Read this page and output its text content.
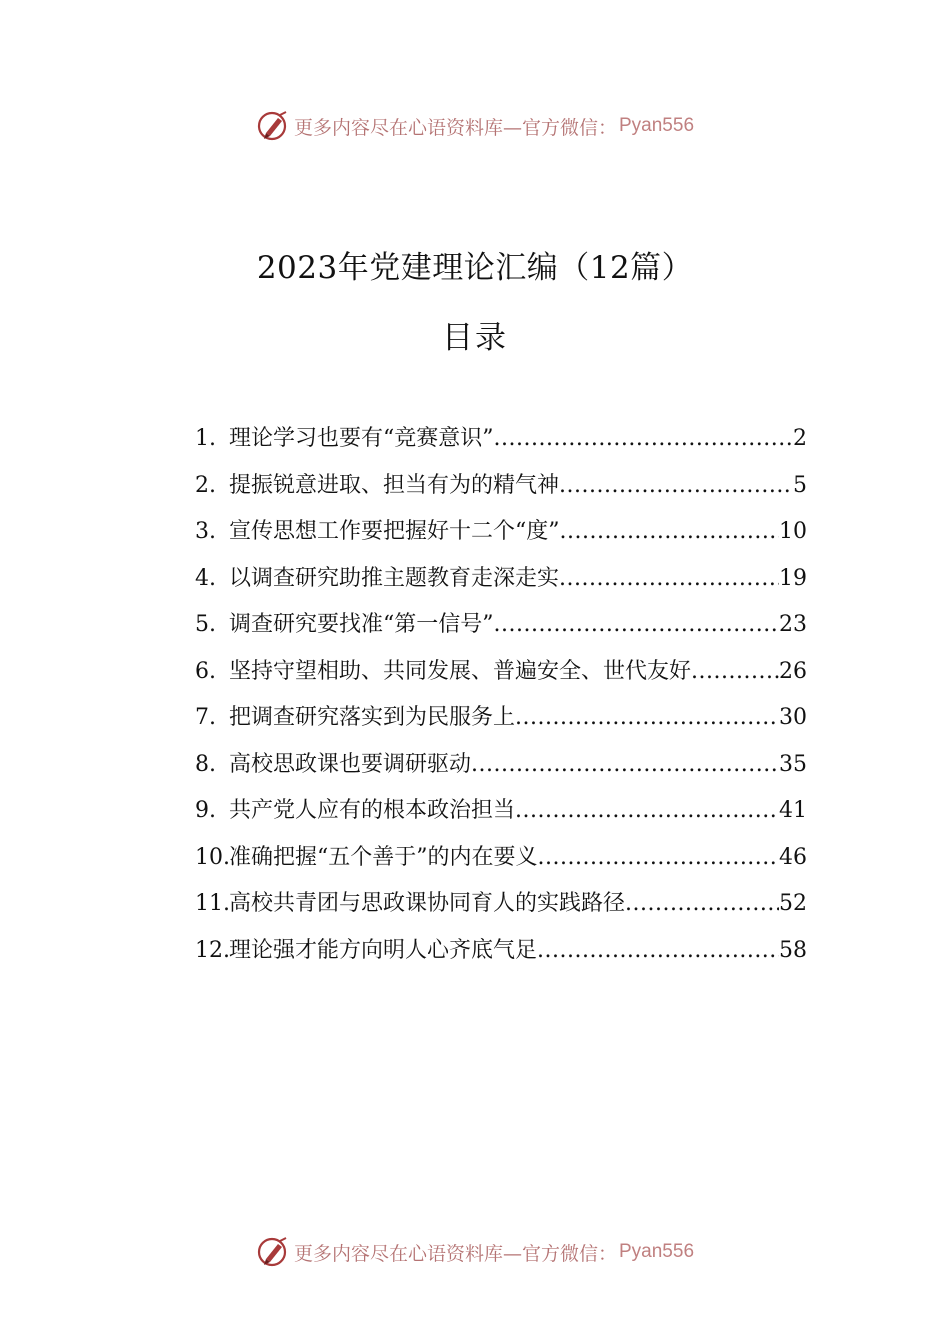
更多内容尽在心语资料库—官方微信： Pyan556
2023年党建理论汇编（12篇）
目录
1. 理论学习也要有“竞赛意识” .....	2
2. 提振锐意进取、担当有为的精气神 .....	5
3. 宣传思想工作要把握好十二个“度” .....	10
4. 以调查研究助推主题教育走深走实 .....	19
5. 调查研究要找准“第一信号” .....	23
6. 坚持守望相助、共同发展、普遍安全、世代友好 .....	26
7. 把调查研究落实到为民服务上 .....	30
8. 高校思政课也要调研驱动 .....	35
9. 共产党人应有的根本政治担当 .....	41
10. 准确把握“五个善于”的内在要义 .....	46
11. 高校共青团与思政课协同育人的实践路径 .....	52
12. 理论强才能方向明人心齐底气足 .....	58
更多内容尽在心语资料库—官方微信： Pyan556
